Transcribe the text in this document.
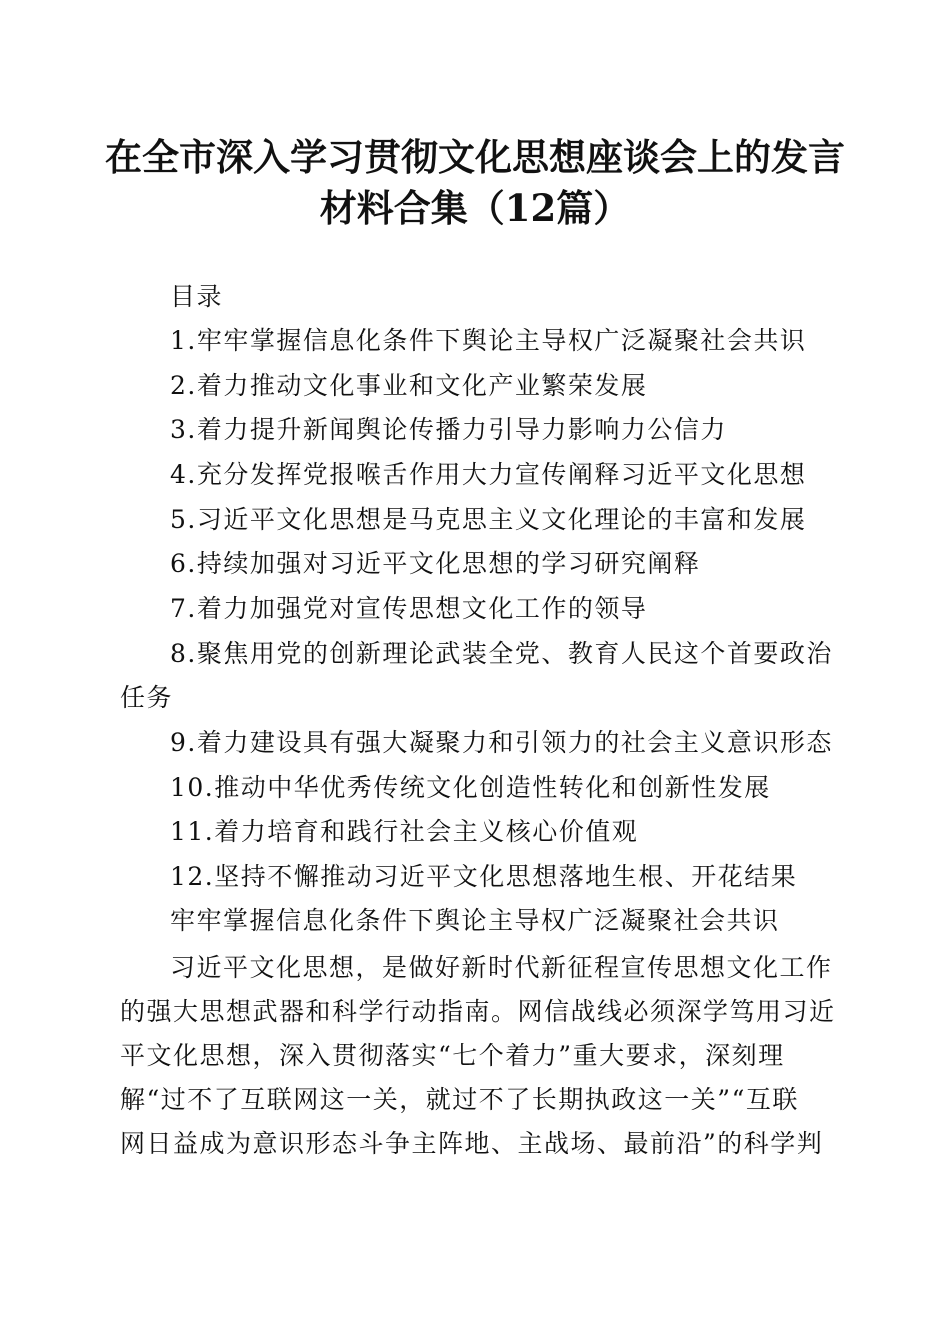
在全市深入学习贯彻文化思想座谈会上的发言
材料合集（12篇）
目录
1.牢牢掌握信息化条件下舆论主导权广泛凝聚社会共识
2.着力推动文化事业和文化产业繁荣发展
3.着力提升新闻舆论传播力引导力影响力公信力
4.充分发挥党报喉舌作用大力宣传阐释习近平文化思想
5.习近平文化思想是马克思主义文化理论的丰富和发展
6.持续加强对习近平文化思想的学习研究阐释
7.着力加强党对宣传思想文化工作的领导
8.聚焦用党的创新理论武装全党、教育人民这个首要政治
任务
9.着力建设具有强大凝聚力和引领力的社会主义意识形态
10.推动中华优秀传统文化创造性转化和创新性发展
11.着力培育和践行社会主义核心价值观
12.坚持不懈推动习近平文化思想落地生根、开花结果
牢牢掌握信息化条件下舆论主导权广泛凝聚社会共识
习近平文化思想，是做好新时代新征程宣传思想文化工作
的强大思想武器和科学行动指南。网信战线必须深学笃用习近
平文化思想，深入贯彻落实“七个着力”重大要求，深刻理
解“过不了互联网这一关，就过不了长期执政这一关”“互联
网日益成为意识形态斗争主阵地、主战场、最前沿”的科学判
